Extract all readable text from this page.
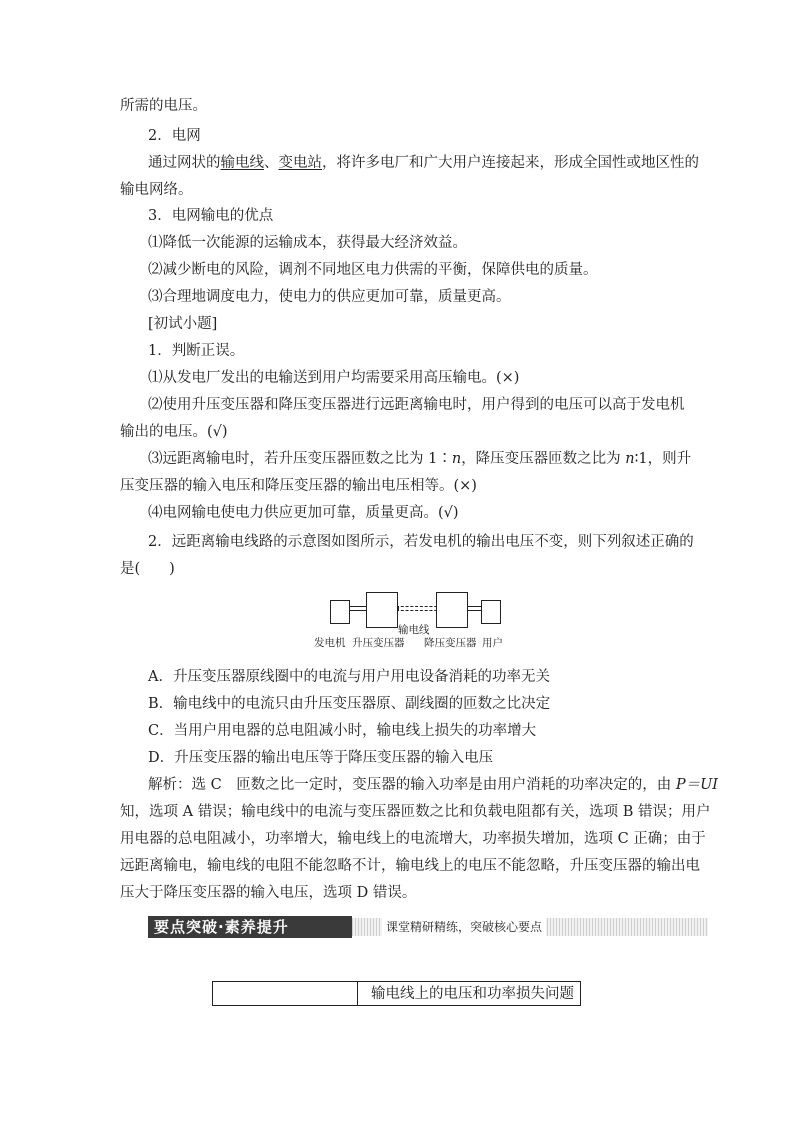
所需的电压。
2．电网
通过网状的输电线、变电站，将许多电厂和广大用户连接起来，形成全国性或地区性的
输电网络。
3．电网输电的优点
⑴降低一次能源的运输成本，获得最大经济效益。
⑵减少断电的风险，调剂不同地区电力供需的平衡，保障供电的质量。
⑶合理地调度电力，使电力的供应更加可靠，质量更高。
[初试小题]
1．判断正误。
⑴从发电厂发出的电输送到用户均需要采用高压输电。(×)
⑵使用升压变压器和降压变压器进行远距离输电时，用户得到的电压可以高于发电机
输出的电压。(√)
⑶远距离输电时，若升压变压器匝数之比为 1∶n，降压变压器匝数之比为 n∶1，则升
压变压器的输入电压和降压变压器的输出电压相等。(×)
⑷电网输电使电力供应更加可靠，质量更高。(√)
2．远距离输电线路的示意图如图所示，若发电机的输出电压不变，则下列叙述正确的
是(　　)
输电线
发电机 升压变压器 降压变压器 用户
A．升压变压器原线圈中的电流与用户用电设备消耗的功率无关
B．输电线中的电流只由升压变压器原、副线圈的匝数之比决定
C．当用户用电器的总电阻减小时，输电线上损失的功率增大
D．升压变压器的输出电压等于降压变压器的输入电压
解析：选 C　匝数之比一定时，变压器的输入功率是由用户消耗的功率决定的，由 P＝UI
知，选项 A 错误；输电线中的电流与变压器匝数之比和负载电阻都有关，选项 B 错误；用户
用电器的总电阻减小，功率增大，输电线上的电流增大，功率损失增加，选项 C 正确；由于
远距离输电，输电线的电阻不能忽略不计，输电线上的电压不能忽略，升压变压器的输出电
压大于降压变压器的输入电压，选项 D 错误。
要点突破·素养提升	课堂精研精练，突破核心要点
输电线上的电压和功率损失问题
